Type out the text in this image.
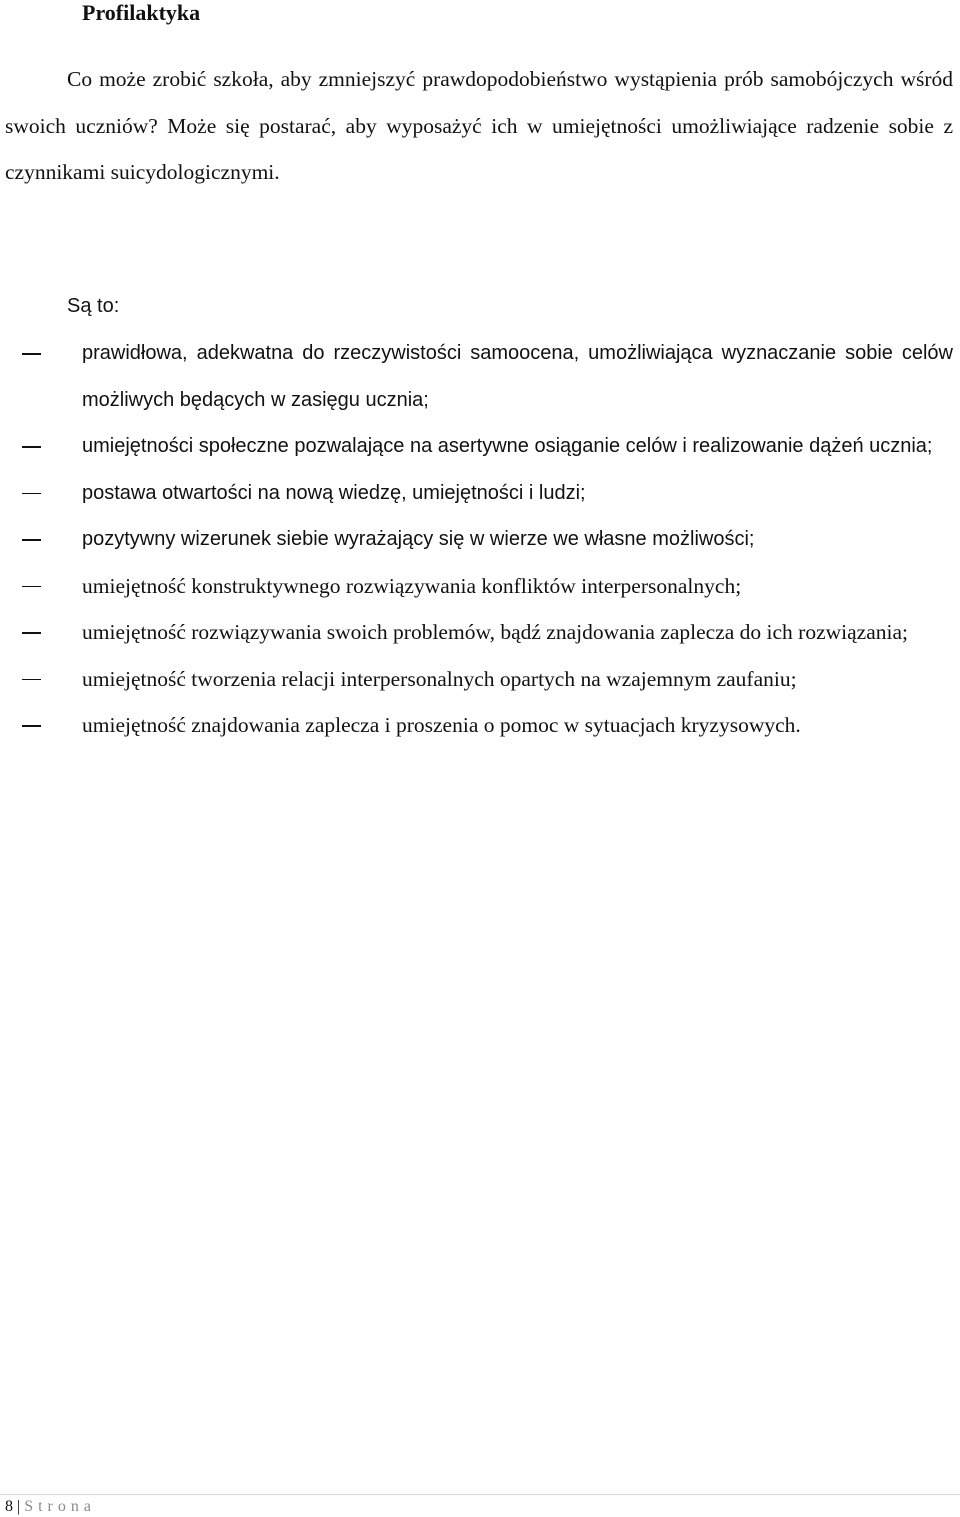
Profilaktyka

Co może zrobić szkoła, aby zmniejszyć prawdopodobieństwo wystąpienia prób samobójczych wśród swoich uczniów? Może się postarać, aby wyposażyć ich w umiejętności umożliwiające radzenie sobie z czynnikami suicydologicznymi.

Są to:

prawidłowa, adekwatna do rzeczywistości samoocena, umożliwiająca wyznaczanie sobie celów możliwych będących w zasięgu ucznia;
umiejętności społeczne pozwalające na asertywne osiąganie celów i realizowanie dążeń ucznia;
postawa otwartości na nową wiedzę, umiejętności i ludzi;
pozytywny wizerunek siebie wyrażający się w wierze we własne możliwości;
umiejętność konstruktywnego rozwiązywania konfliktów interpersonalnych;
umiejętność rozwiązywania swoich problemów, bądź znajdowania zaplecza do ich rozwiązania;
umiejętność tworzenia relacji interpersonalnych opartych na wzajemnym zaufaniu;
umiejętność znajdowania zaplecza i proszenia o pomoc w sytuacjach kryzysowych.

8 | Strona
